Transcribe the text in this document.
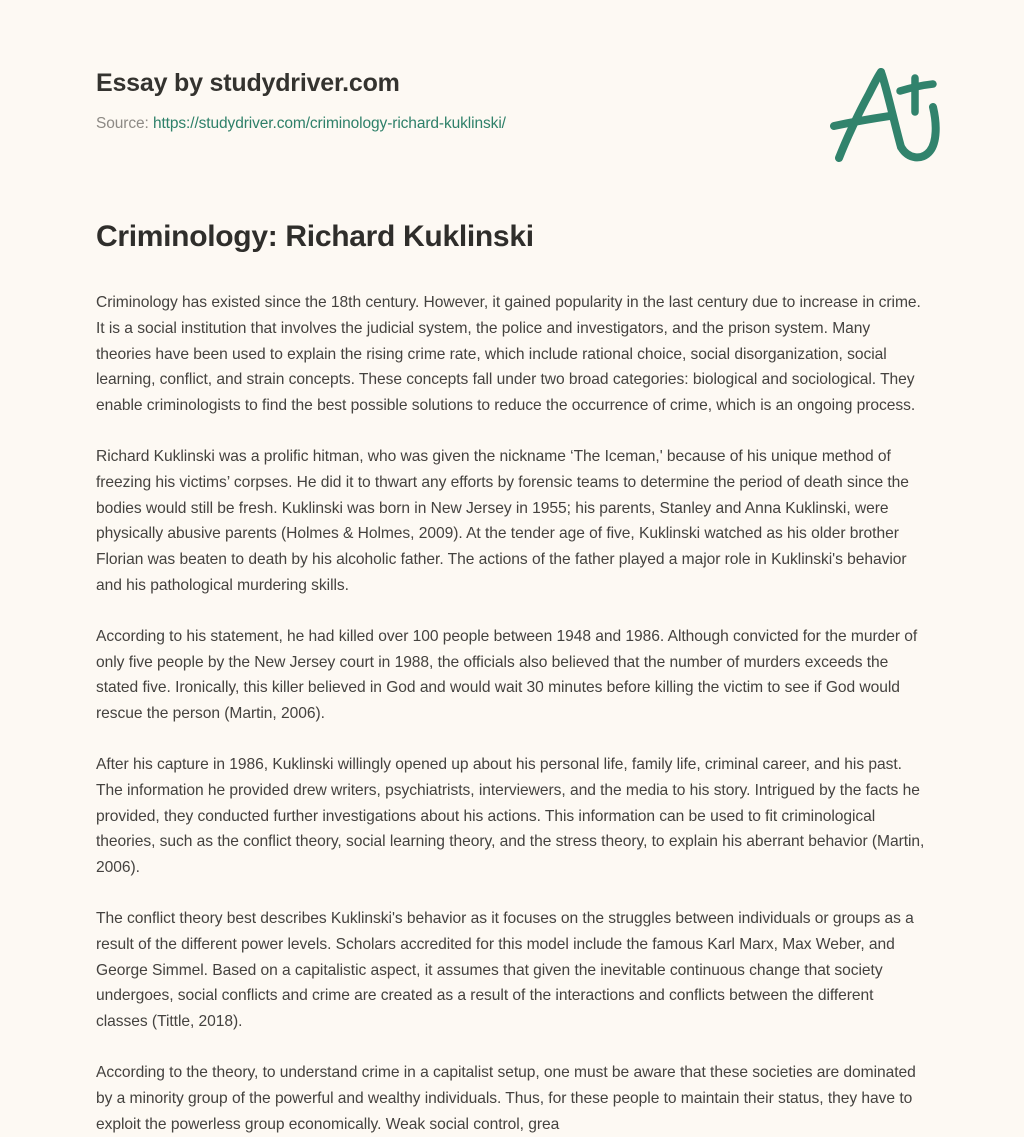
Essay by studydriver.com
Source: https://studydriver.com/criminology-richard-kuklinski/
Criminology: Richard Kuklinski

Criminology has existed since the 18th century. However, it gained popularity in the last century due to increase in crime. It is a social institution that involves the judicial system, the police and investigators, and the prison system. Many theories have been used to explain the rising crime rate, which include rational choice, social disorganization, social learning, conflict, and strain concepts. These concepts fall under two broad categories: biological and sociological. They enable criminologists to find the best possible solutions to reduce the occurrence of crime, which is an ongoing process.

Richard Kuklinski was a prolific hitman, who was given the nickname ‘The Iceman,' because of his unique method of freezing his victims’ corpses. He did it to thwart any efforts by forensic teams to determine the period of death since the bodies would still be fresh. Kuklinski was born in New Jersey in 1955; his parents, Stanley and Anna Kuklinski, were physically abusive parents (Holmes & Holmes, 2009). At the tender age of five, Kuklinski watched as his older brother Florian was beaten to death by his alcoholic father. The actions of the father played a major role in Kuklinski's behavior and his pathological murdering skills.

According to his statement, he had killed over 100 people between 1948 and 1986. Although convicted for the murder of only five people by the New Jersey court in 1988, the officials also believed that the number of murders exceeds the stated five. Ironically, this killer believed in God and would wait 30 minutes before killing the victim to see if God would rescue the person (Martin, 2006).

After his capture in 1986, Kuklinski willingly opened up about his personal life, family life, criminal career, and his past. The information he provided drew writers, psychiatrists, interviewers, and the media to his story. Intrigued by the facts he provided, they conducted further investigations about his actions. This information can be used to fit criminological theories, such as the conflict theory, social learning theory, and the stress theory, to explain his aberrant behavior (Martin, 2006).

The conflict theory best describes Kuklinski's behavior as it focuses on the struggles between individuals or groups as a result of the different power levels. Scholars accredited for this model include the famous Karl Marx, Max Weber, and George Simmel. Based on a capitalistic aspect, it assumes that given the inevitable continuous change that society undergoes, social conflicts and crime are created as a result of the interactions and conflicts between the different classes (Tittle, 2018).

According to the theory, to understand crime in a capitalist setup, one must be aware that these societies are dominated by a minority group of the powerful and wealthy individuals. Thus, for these people to maintain their status, they have to exploit the powerless group economically. Weak social control, grea
